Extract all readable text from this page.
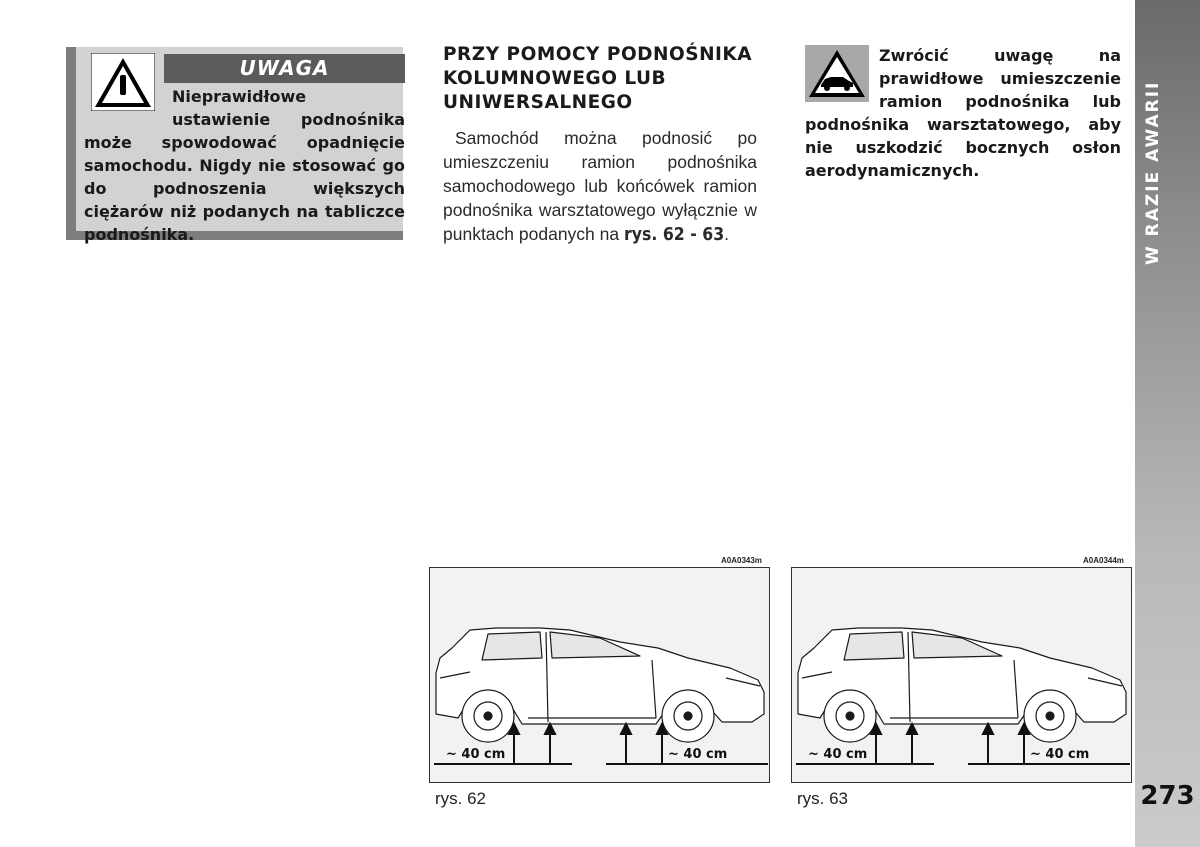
UWAGA

Nieprawidłowe ustawienie podnośnika może spowodować opadnięcie samochodu. Nigdy nie stosować go do podnoszenia większych ciężarów niż podanych na tabliczce podnośnika.

PRZY POMOCY PODNOŚNIKA KOLUMNOWEGO LUB UNIWERSALNEGO

Samochód można podnosić po umieszczeniu ramion podnośnika samochodowego lub końcówek ramion podnośnika warsztatowego wyłącznie w punktach podanych na rys. 62 - 63.

Zwrócić uwagę na prawidłowe umieszczenie ramion podnośnika lub podnośnika warsztatowego, aby nie uszkodzić bocznych osłon aerodynamicznych.

273
A0A0343m
~ 40 cm	~ 40 cm
rys. 62
A0A0344m
~ 40 cm	~ 40 cm
rys. 63
